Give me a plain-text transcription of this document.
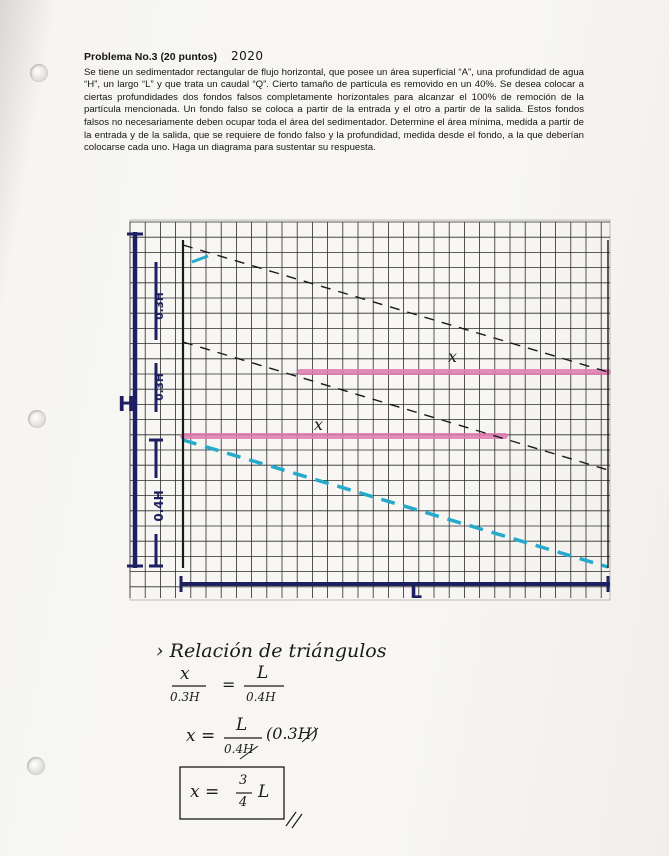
Problema No.3 (20 puntos) 2020

Se tiene un sedimentador rectangular de flujo horizontal, que posee un área superficial “A”, una profundidad de agua “H”, un largo “L” y que trata un caudal “Q”. Cierto tamaño de partícula es removido en un 40%. Se desea colocar a ciertas profundidades dos fondos falsos completamente horizontales para alcanzar el 100% de remoción de la partícula mencionada. Un fondo falso se coloca a partir de la entrada y el otro a partir de la salida. Estos fondos falsos no necesariamente deben ocupar toda el área del sedimentador. Determine el área mínima, medida a partir de la entrada y de la salida, que se requiere de fondo falso y la profundidad, medida desde el fondo, a la que deberían colocarse cada uno. Haga un diagrama para sustentar su respuesta.

H
L
0.3H
0.3H
0.4H
x
x
› Relación de triángulos
x
0.3H
=
L
0.4H
x =
L
0.4H
(0.3H)
x =
3
4
L
